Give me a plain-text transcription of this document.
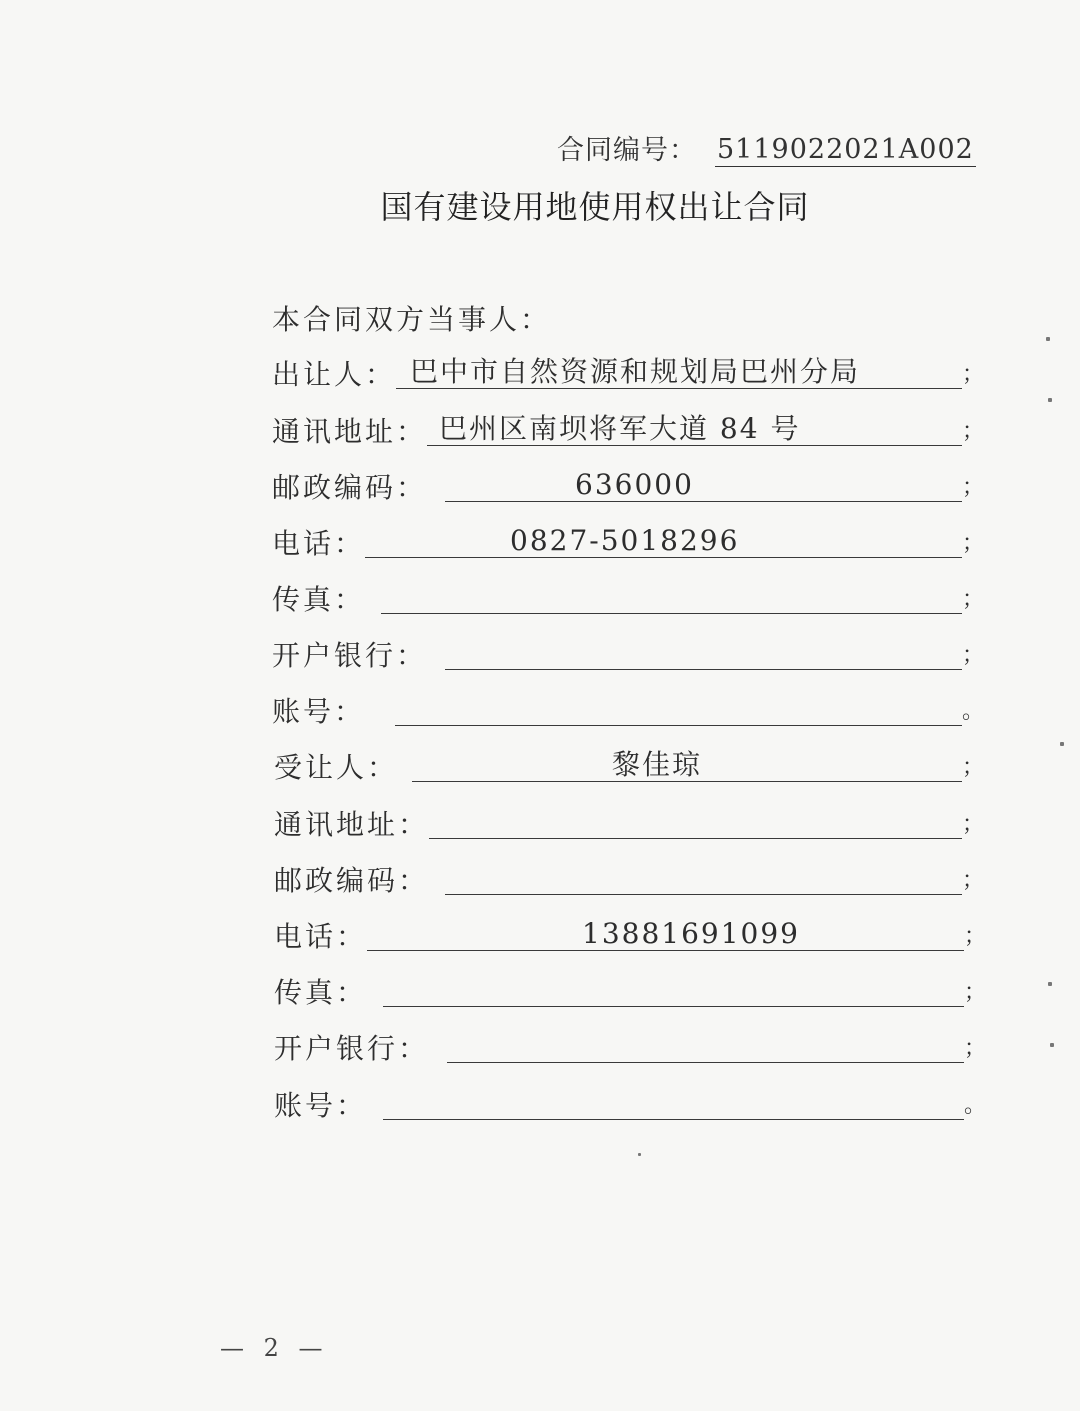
合同编号： 5119022021A002
国有建设用地使用权出让合同
本合同双方当事人：
出让人： 巴中市自然资源和规划局巴州分局	；
通讯地址： 巴州区南坝将军大道 84 号	；
邮政编码：	636000	；
电话：	0827-5018296	；
传真：	；
开户银行：	；
账号：	。
受让人：	黎佳琼	；
通讯地址：	；
邮政编码：	；
电话：	13881691099	；
传真：	；
开户银行：	；
账号：	。
— 2 —
